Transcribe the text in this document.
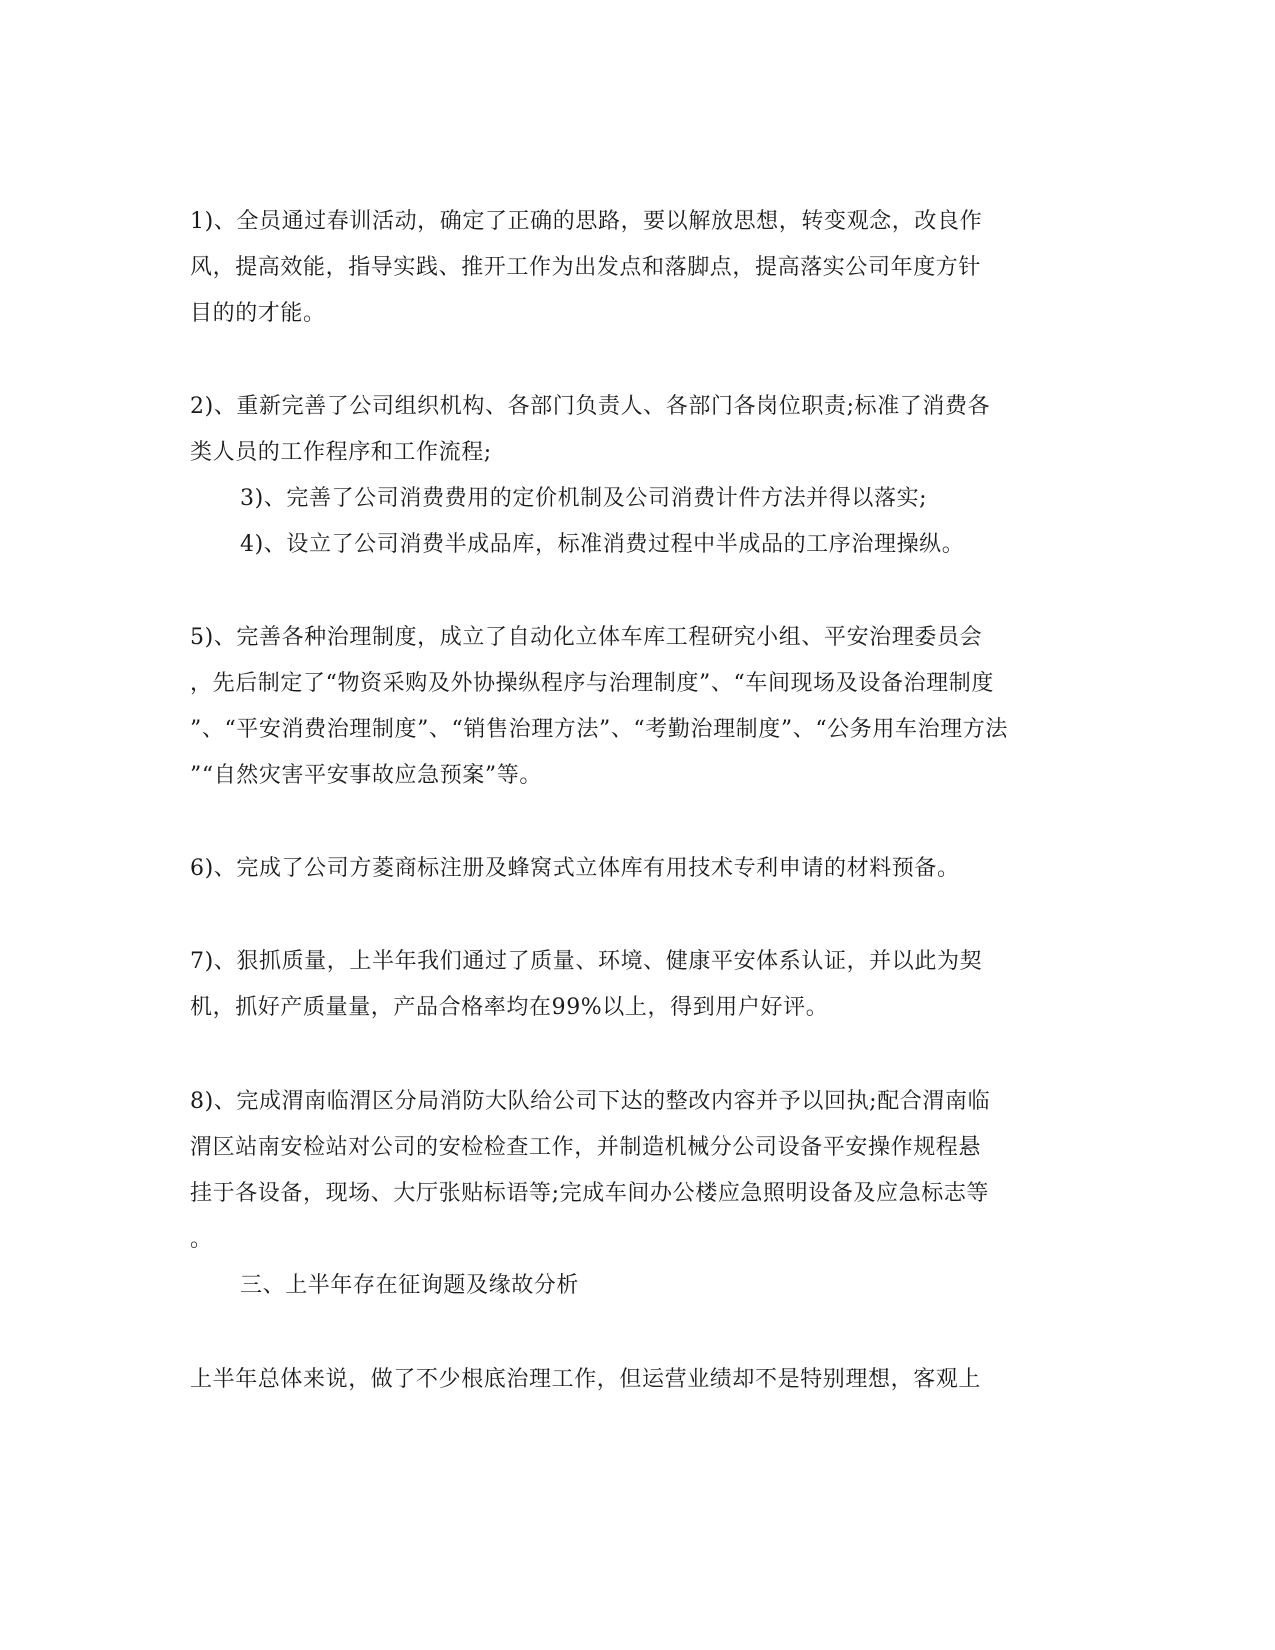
1)、全员通过春训活动，确定了正确的思路，要以解放思想，转变观念，改良作
风，提高效能，指导实践、推开工作为出发点和落脚点，提高落实公司年度方针
目的的才能。
2)、重新完善了公司组织机构、各部门负责人、各部门各岗位职责;标准了消费各
类人员的工作程序和工作流程;
3)、完善了公司消费费用的定价机制及公司消费计件方法并得以落实;
4)、设立了公司消费半成品库，标准消费过程中半成品的工序治理操纵。
5)、完善各种治理制度，成立了自动化立体车库工程研究小组、平安治理委员会
，先后制定了“物资采购及外协操纵程序与治理制度”、“车间现场及设备治理制度
”、“平安消费治理制度”、“销售治理方法”、“考勤治理制度”、“公务用车治理方法
”“自然灾害平安事故应急预案”等。
6)、完成了公司方菱商标注册及蜂窝式立体库有用技术专利申请的材料预备。
7)、狠抓质量，上半年我们通过了质量、环境、健康平安体系认证，并以此为契
机，抓好产质量量，产品合格率均在99%以上，得到用户好评。
8)、完成渭南临渭区分局消防大队给公司下达的整改内容并予以回执;配合渭南临
渭区站南安检站对公司的安检检查工作，并制造机械分公司设备平安操作规程悬
挂于各设备，现场、大厅张贴标语等;完成车间办公楼应急照明设备及应急标志等
。
三、上半年存在征询题及缘故分析
上半年总体来说，做了不少根底治理工作，但运营业绩却不是特别理想，客观上
